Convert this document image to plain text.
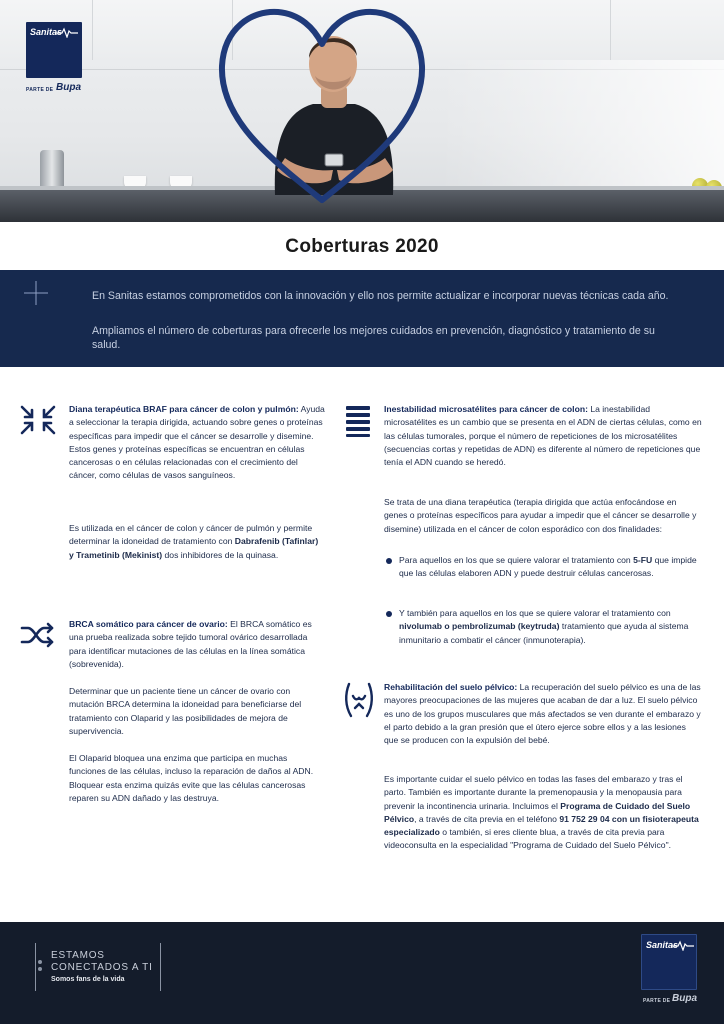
Sanitas
PARTE DE Bupa
Coberturas 2020
En Sanitas estamos comprometidos con la innovación y ello nos permite actualizar e incorporar nuevas técnicas cada año.
Ampliamos el número de coberturas para ofrecerle los mejores cuidados en prevención, diagnóstico y tratamiento de su salud.
Diana terapéutica BRAF para cáncer de colon y pulmón: Ayuda a seleccionar la terapia dirigida, actuando sobre genes o proteínas específicas para impedir que el cáncer se desarrolle y disemine. Estos genes y proteínas específicas se encuentran en células cancerosas o en células relacionadas con el crecimiento del cáncer, como células de vasos sanguíneos.
Es utilizada en el cáncer de colon y cáncer de pulmón y permite determinar la idoneidad de tratamiento con Dabrafenib (Tafinlar) y Trametinib (Mekinist) dos inhibidores de la quinasa.
BRCA somático para cáncer de ovario: El BRCA somático es una prueba realizada sobre tejido tumoral ovárico desarrollada para identificar mutaciones de las células en la línea somática (sobrevenida).
Determinar que un paciente tiene un cáncer de ovario con mutación BRCA determina la idoneidad para beneficiarse del tratamiento con Olaparid y las posibilidades de mejora de supervivencia.
El Olaparid bloquea una enzima que participa en muchas funciones de las células, incluso la reparación de daños al ADN. Bloquear esta enzima quizás evite que las células cancerosas reparen su ADN dañado y las destruya.
Inestabilidad microsatélites para cáncer de colon: La inestabilidad microsatélites es un cambio que se presenta en el ADN de ciertas células, como en las células tumorales, porque el número de repeticiones de los microsatélites (secuencias cortas y repetidas de ADN) es diferente al número de repeticiones que tenía el ADN cuando se heredó.
Se trata de una diana terapéutica (terapia dirigida que actúa enfocándose en genes o proteínas específicos para ayudar a impedir que el cáncer se desarrolle y disemine) utilizada en el cáncer de colon esporádico con dos finalidades:
Para aquellos en los que se quiere valorar el tratamiento con 5-FU que impide que las células elaboren ADN y puede destruir células cancerosas.
Y también para aquellos en los que se quiere valorar el tratamiento con nivolumab o pembrolizumab (keytruda) tratamiento que ayuda al sistema inmunitario a combatir el cáncer (inmunoterapia).
Rehabilitación del suelo pélvico: La recuperación del suelo pélvico es una de las mayores preocupaciones de las mujeres que acaban de dar a luz. El suelo pélvico es uno de los grupos musculares que más afectados se ven durante el embarazo y el parto debido a la gran presión que el útero ejerce sobre ellos y a las lesiones que se producen con la expulsión del bebé.
Es importante cuidar el suelo pélvico en todas las fases del embarazo y tras el parto. También es importante durante la premenopausia y la menopausia para prevenir la incontinencia urinaria. Incluimos el Programa de Cuidado del Suelo Pélvico, a través de cita previa en el teléfono 91 752 29 04 con un fisioterapeuta especializado o también, si eres cliente blua, a través de cita previa para videoconsulta en la especialidad "Programa de Cuidado del Suelo Pélvico".
ESTAMOS
CONECTADOS A TI
Somos fans de la vida
Sanitas
PARTE DE Bupa
